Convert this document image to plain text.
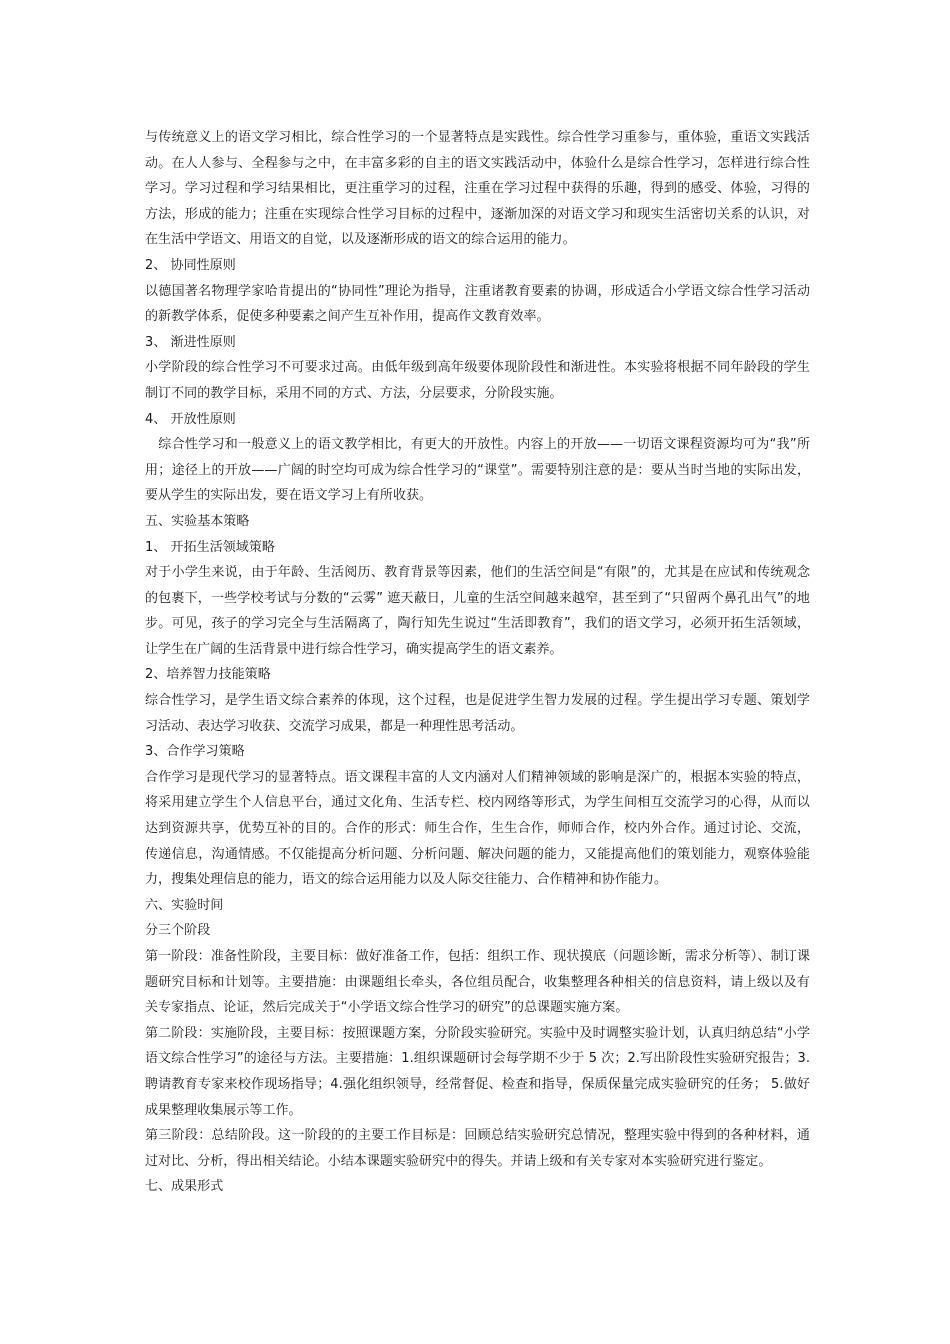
与传统意义上的语文学习相比，综合性学习的一个显著特点是实践性。综合性学习重参与，重体验，重语文实践活动。在人人参与、全程参与之中，在丰富多彩的自主的语文实践活动中，体验什么是综合性学习，怎样进行综合性学习。学习过程和学习结果相比，更注重学习的过程，注重在学习过程中获得的乐趣，得到的感受、体验，习得的方法，形成的能力；注重在实现综合性学习目标的过程中，逐渐加深的对语文学习和现实生活密切关系的认识，对在生活中学语文、用语文的自觉，以及逐渐形成的语文的综合运用的能力。

2、 协同性原则

以德国著名物理学家哈肯提出的“协同性”理论为指导，注重诸教育要素的协调，形成适合小学语文综合性学习活动的新教学体系，促使多种要素之间产生互补作用，提高作文教育效率。

3、 渐进性原则

小学阶段的综合性学习不可要求过高。由低年级到高年级要体现阶段性和渐进性。本实验将根据不同年龄段的学生制订不同的教学目标，采用不同的方式、方法，分层要求，分阶段实施。

4、 开放性原则

　综合性学习和一般意义上的语文教学相比，有更大的开放性。内容上的开放——一切语文课程资源均可为“我”所用；途径上的开放——广阔的时空均可成为综合性学习的“课堂”。需要特别注意的是：要从当时当地的实际出发，要从学生的实际出发，要在语文学习上有所收获。

五、实验基本策略

1、 开拓生活领域策略

对于小学生来说，由于年龄、生活阅历、教育背景等因素，他们的生活空间是“有限”的，尤其是在应试和传统观念的包裹下，一些学校考试与分数的“云雾” 遮天蔽日，儿童的生活空间越来越窄，甚至到了“只留两个鼻孔出气”的地步。可见，孩子的学习完全与生活隔离了，陶行知先生说过“生活即教育”，我们的语文学习，必须开拓生活领域，让学生在广阔的生活背景中进行综合性学习，确实提高学生的语文素养。

2、培养智力技能策略

综合性学习，是学生语文综合素养的体现，这个过程，也是促进学生智力发展的过程。学生提出学习专题、策划学习活动、表达学习收获、交流学习成果，都是一种理性思考活动。

3、合作学习策略

合作学习是现代学习的显著特点。语文课程丰富的人文内涵对人们精神领域的影响是深广的，根据本实验的特点，将采用建立学生个人信息平台，通过文化角、生活专栏、校内网络等形式，为学生间相互交流学习的心得，从而以达到资源共享，优势互补的目的。合作的形式：师生合作，生生合作，师师合作，校内外合作。通过讨论、交流，传递信息，沟通情感。不仅能提高分析问题、分析问题、解决问题的能力，又能提高他们的策划能力，观察体验能力，搜集处理信息的能力，语文的综合运用能力以及人际交往能力、合作精神和协作能力。

六、实验时间

分三个阶段

第一阶段：准备性阶段，主要目标：做好准备工作，包括：组织工作、现状摸底（问题诊断，需求分析等）、制订课题研究目标和计划等。主要措施：由课题组长牵头，各位组员配合，收集整理各种相关的信息资料，请上级以及有关专家指点、论证，然后完成关于“小学语文综合性学习的研究”的总课题实施方案。

第二阶段：实施阶段，主要目标：按照课题方案，分阶段实验研究。实验中及时调整实验计划，认真归纳总结“小学语文综合性学习”的途径与方法。主要措施：1.组织课题研讨会每学期不少于 5 次；2.写出阶段性实验研究报告；3.聘请教育专家来校作现场指导；4.强化组织领导，经常督促、检查和指导，保质保量完成实验研究的任务； 5.做好成果整理收集展示等工作。

第三阶段：总结阶段。这一阶段的的主要工作目标是：回顾总结实验研究总情况，整理实验中得到的各种材料，通过对比、分析，得出相关结论。小结本课题实验研究中的得失。并请上级和有关专家对本实验研究进行鉴定。

七、成果形式
